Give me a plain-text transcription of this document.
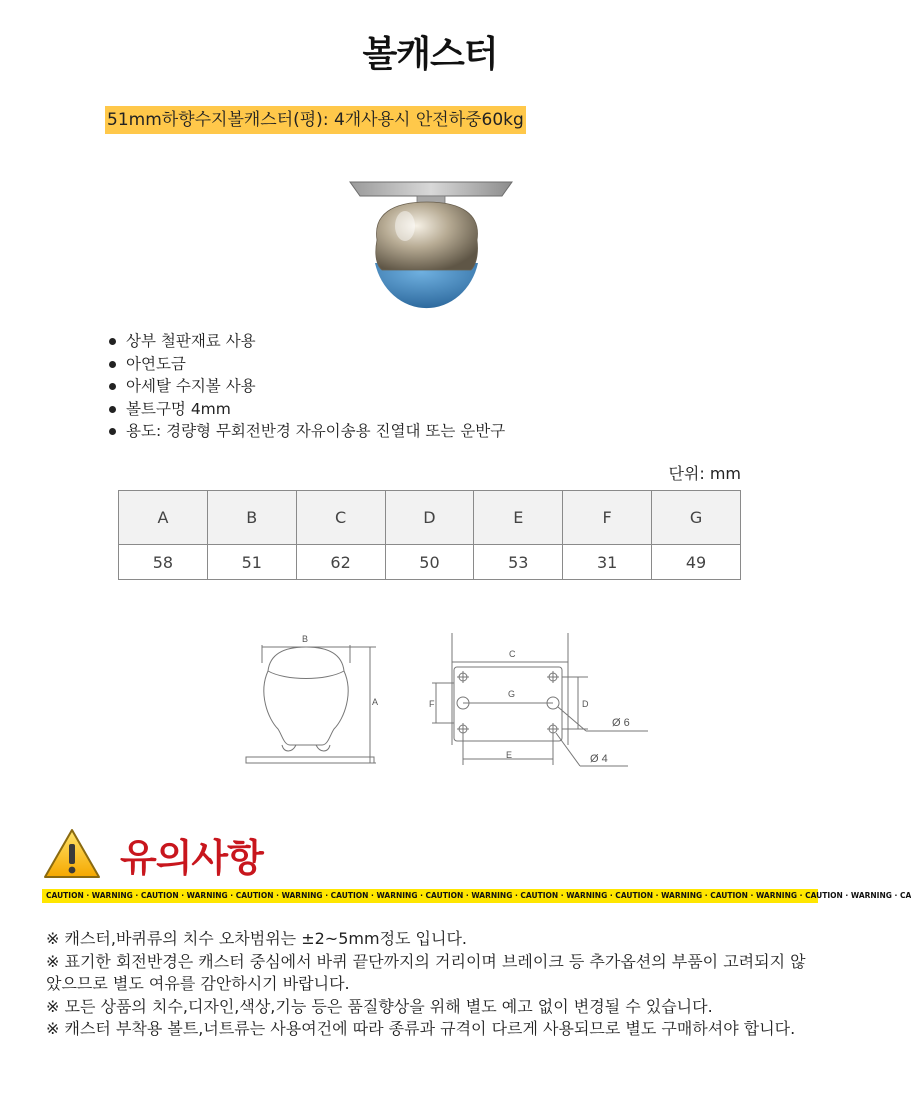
볼캐스터
51mm하향수지볼캐스터(평): 4개사용시 안전하중60kg
상부 철판재료 사용
아연도금
아세탈 수지볼 사용
볼트구멍 4mm
용도: 경량형 무회전반경 자유이송용 진열대 또는 운반구
단위: mm
A	B	C	D	E	F	G
58	51	62	50	53	31	49
B
A
C
G
F	D
E
Ø 6
Ø 4
유의사항
CAUTION · WARNING · CAUTION · WARNING · CAUTION · WARNING · CAUTION · WARNING · CAUTION · WARNING · CAUTION · WARNING · CAUTION · WARNING · CAUTION · WARNING · CAUTION · WARNING · CA

※ 캐스터,바퀴류의 치수 오차범위는 ±2~5mm정도 입니다.

※ 표기한 회전반경은 캐스터 중심에서 바퀴 끝단까지의 거리이며 브레이크 등 추가옵션의 부품이 고려되지 않았으므로 별도 여유를 감안하시기 바랍니다.

※ 모든 상품의 치수,디자인,색상,기능 등은 품질향상을 위해 별도 예고 없이 변경될 수 있습니다.

※ 캐스터 부착용 볼트,너트류는 사용여건에 따라 종류과 규격이 다르게 사용되므로 별도 구매하셔야 합니다.
